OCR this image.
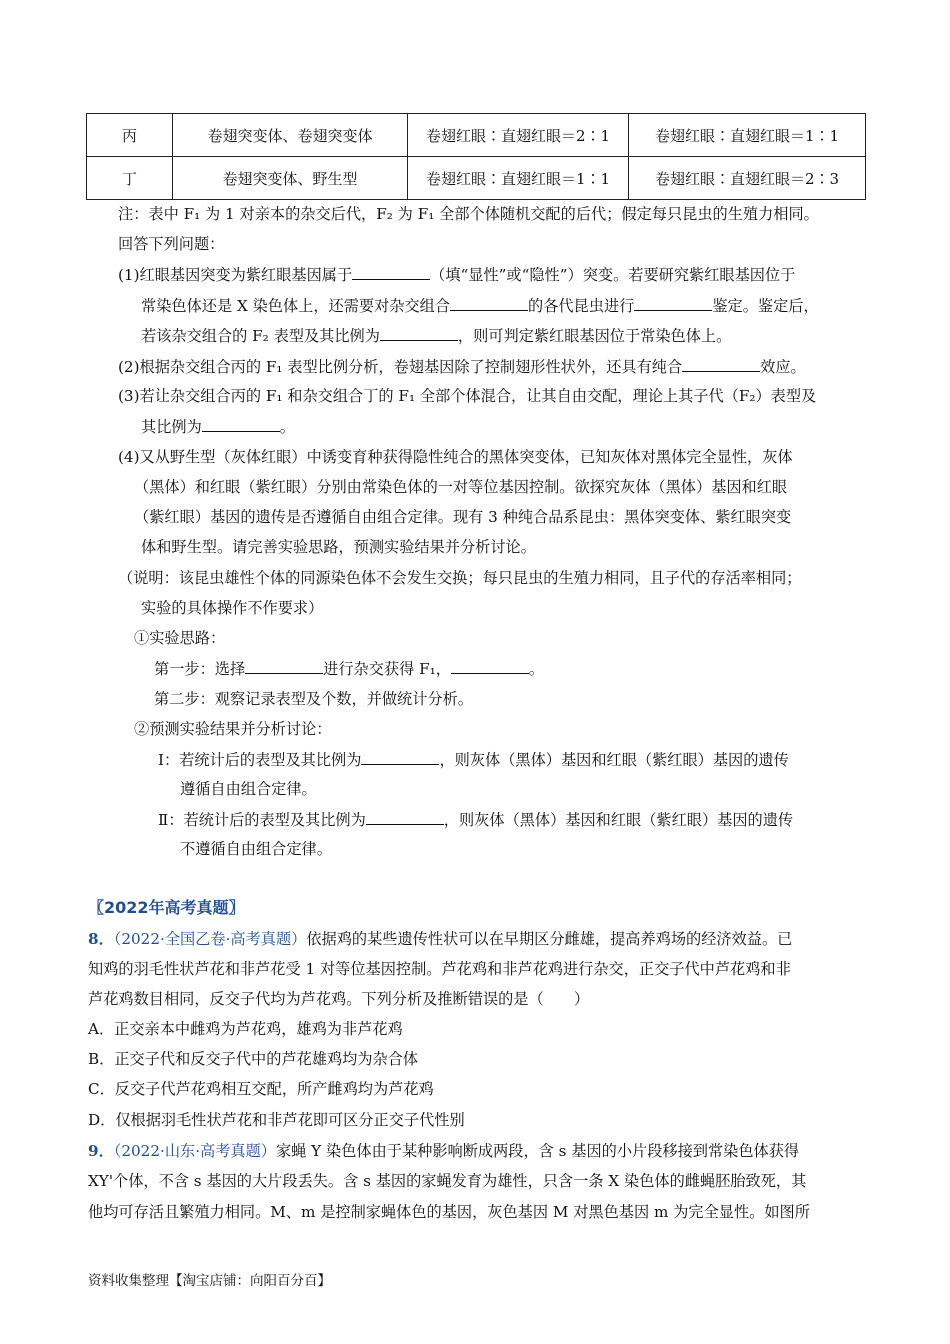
丙	卷翅突变体、卷翅突变体	卷翅红眼∶直翅红眼＝2∶1	卷翅红眼∶直翅红眼＝1∶1
丁	卷翅突变体、野生型	卷翅红眼∶直翅红眼＝1∶1	卷翅红眼∶直翅红眼＝2∶3
注：表中 F₁ 为 1 对亲本的杂交后代，F₂ 为 F₁ 全部个体随机交配的后代；假定每只昆虫的生殖力相同。
回答下列问题：
(1)红眼基因突变为紫红眼基因属于	（填“显性”或“隐性”）突变。若要研究紫红眼基因位于
常染色体还是 X 染色体上，还需要对杂交组合	的各代昆虫进行	鉴定。鉴定后，
若该杂交组合的 F₂ 表型及其比例为	，则可判定紫红眼基因位于常染色体上。
(2)根据杂交组合丙的 F₁ 表型比例分析，卷翅基因除了控制翅形性状外，还具有纯合	效应。
(3)若让杂交组合丙的 F₁ 和杂交组合丁的 F₁ 全部个体混合，让其自由交配，理论上其子代（F₂）表型及
其比例为	。
(4)又从野生型（灰体红眼）中诱变育种获得隐性纯合的黑体突变体，已知灰体对黑体完全显性，灰体
（黑体）和红眼（紫红眼）分别由常染色体的一对等位基因控制。欲探究灰体（黑体）基因和红眼
（紫红眼）基因的遗传是否遵循自由组合定律。现有 3 种纯合品系昆虫：黑体突变体、紫红眼突变
体和野生型。请完善实验思路，预测实验结果并分析讨论。
（说明：该昆虫雄性个体的同源染色体不会发生交换；每只昆虫的生殖力相同，且子代的存活率相同；
实验的具体操作不作要求）
①实验思路：
第一步：选择	进行杂交获得 F₁，	。
第二步：观察记录表型及个数，并做统计分析。
②预测实验结果并分析讨论：
Ⅰ：若统计后的表型及其比例为	，则灰体（黑体）基因和红眼（紫红眼）基因的遗传
遵循自由组合定律。
Ⅱ：若统计后的表型及其比例为	，则灰体（黑体）基因和红眼（紫红眼）基因的遗传
不遵循自由组合定律。
〖2022年高考真题〗
8．（2022·全国乙卷·高考真题）依据鸡的某些遗传性状可以在早期区分雌雄，提高养鸡场的经济效益。已
知鸡的羽毛性状芦花和非芦花受 1 对等位基因控制。芦花鸡和非芦花鸡进行杂交，正交子代中芦花鸡和非
芦花鸡数目相同，反交子代均为芦花鸡。下列分析及推断错误的是（　　）
A．正交亲本中雌鸡为芦花鸡，雄鸡为非芦花鸡
B．正交子代和反交子代中的芦花雄鸡均为杂合体
C．反交子代芦花鸡相互交配，所产雌鸡均为芦花鸡
D．仅根据羽毛性状芦花和非芦花即可区分正交子代性别
9．（2022·山东·高考真题）家蝇 Y 染色体由于某种影响断成两段，含 s 基因的小片段移接到常染色体获得
XY'个体，不含 s 基因的大片段丢失。含 s 基因的家蝇发育为雄性，只含一条 X 染色体的雌蝇胚胎致死，其
他均可存活且繁殖力相同。M、m 是控制家蝇体色的基因，灰色基因 M 对黑色基因 m 为完全显性。如图所
资料收集整理【淘宝店铺：向阳百分百】
